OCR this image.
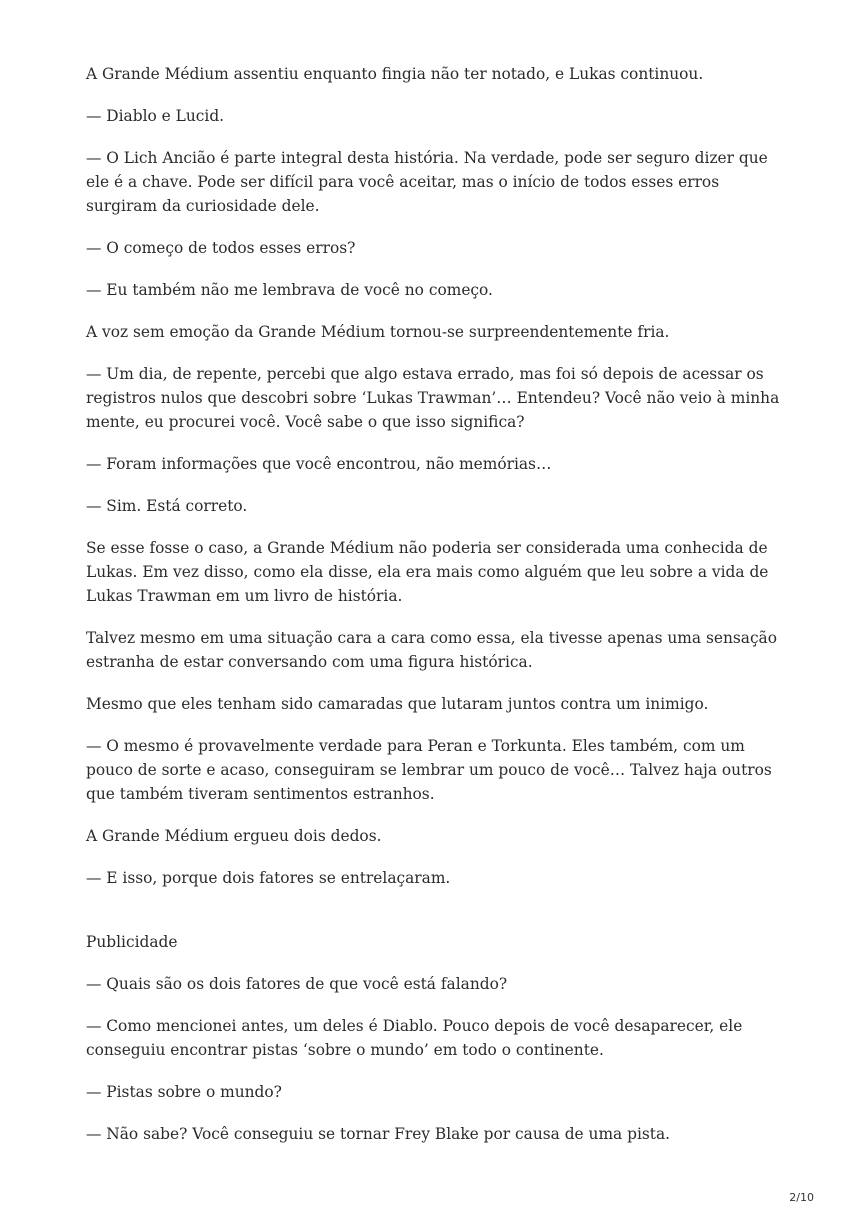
A Grande Médium assentiu enquanto fingia não ter notado, e Lukas continuou.

— Diablo e Lucid.

— O Lich Ancião é parte integral desta história. Na verdade, pode ser seguro dizer que ele é a chave. Pode ser difícil para você aceitar, mas o início de todos esses erros surgiram da curiosidade dele.

— O começo de todos esses erros?

— Eu também não me lembrava de você no começo.

A voz sem emoção da Grande Médium tornou-se surpreendentemente fria.

— Um dia, de repente, percebi que algo estava errado, mas foi só depois de acessar os registros nulos que descobri sobre ‘Lukas Trawman’… Entendeu? Você não veio à minha mente, eu procurei você. Você sabe o que isso significa?

— Foram informações que você encontrou, não memórias…

— Sim. Está correto.

Se esse fosse o caso, a Grande Médium não poderia ser considerada uma conhecida de Lukas. Em vez disso, como ela disse, ela era mais como alguém que leu sobre a vida de Lukas Trawman em um livro de história.

Talvez mesmo em uma situação cara a cara como essa, ela tivesse apenas uma sensação estranha de estar conversando com uma figura histórica.

Mesmo que eles tenham sido camaradas que lutaram juntos contra um inimigo.

— O mesmo é provavelmente verdade para Peran e Torkunta. Eles também, com um pouco de sorte e acaso, conseguiram se lembrar um pouco de você… Talvez haja outros que também tiveram sentimentos estranhos.

A Grande Médium ergueu dois dedos.

— E isso, porque dois fatores se entrelaçaram.

Publicidade

— Quais são os dois fatores de que você está falando?

— Como mencionei antes, um deles é Diablo. Pouco depois de você desaparecer, ele conseguiu encontrar pistas ‘sobre o mundo’ em todo o continente.

— Pistas sobre o mundo?

— Não sabe? Você conseguiu se tornar Frey Blake por causa de uma pista.

2/10
